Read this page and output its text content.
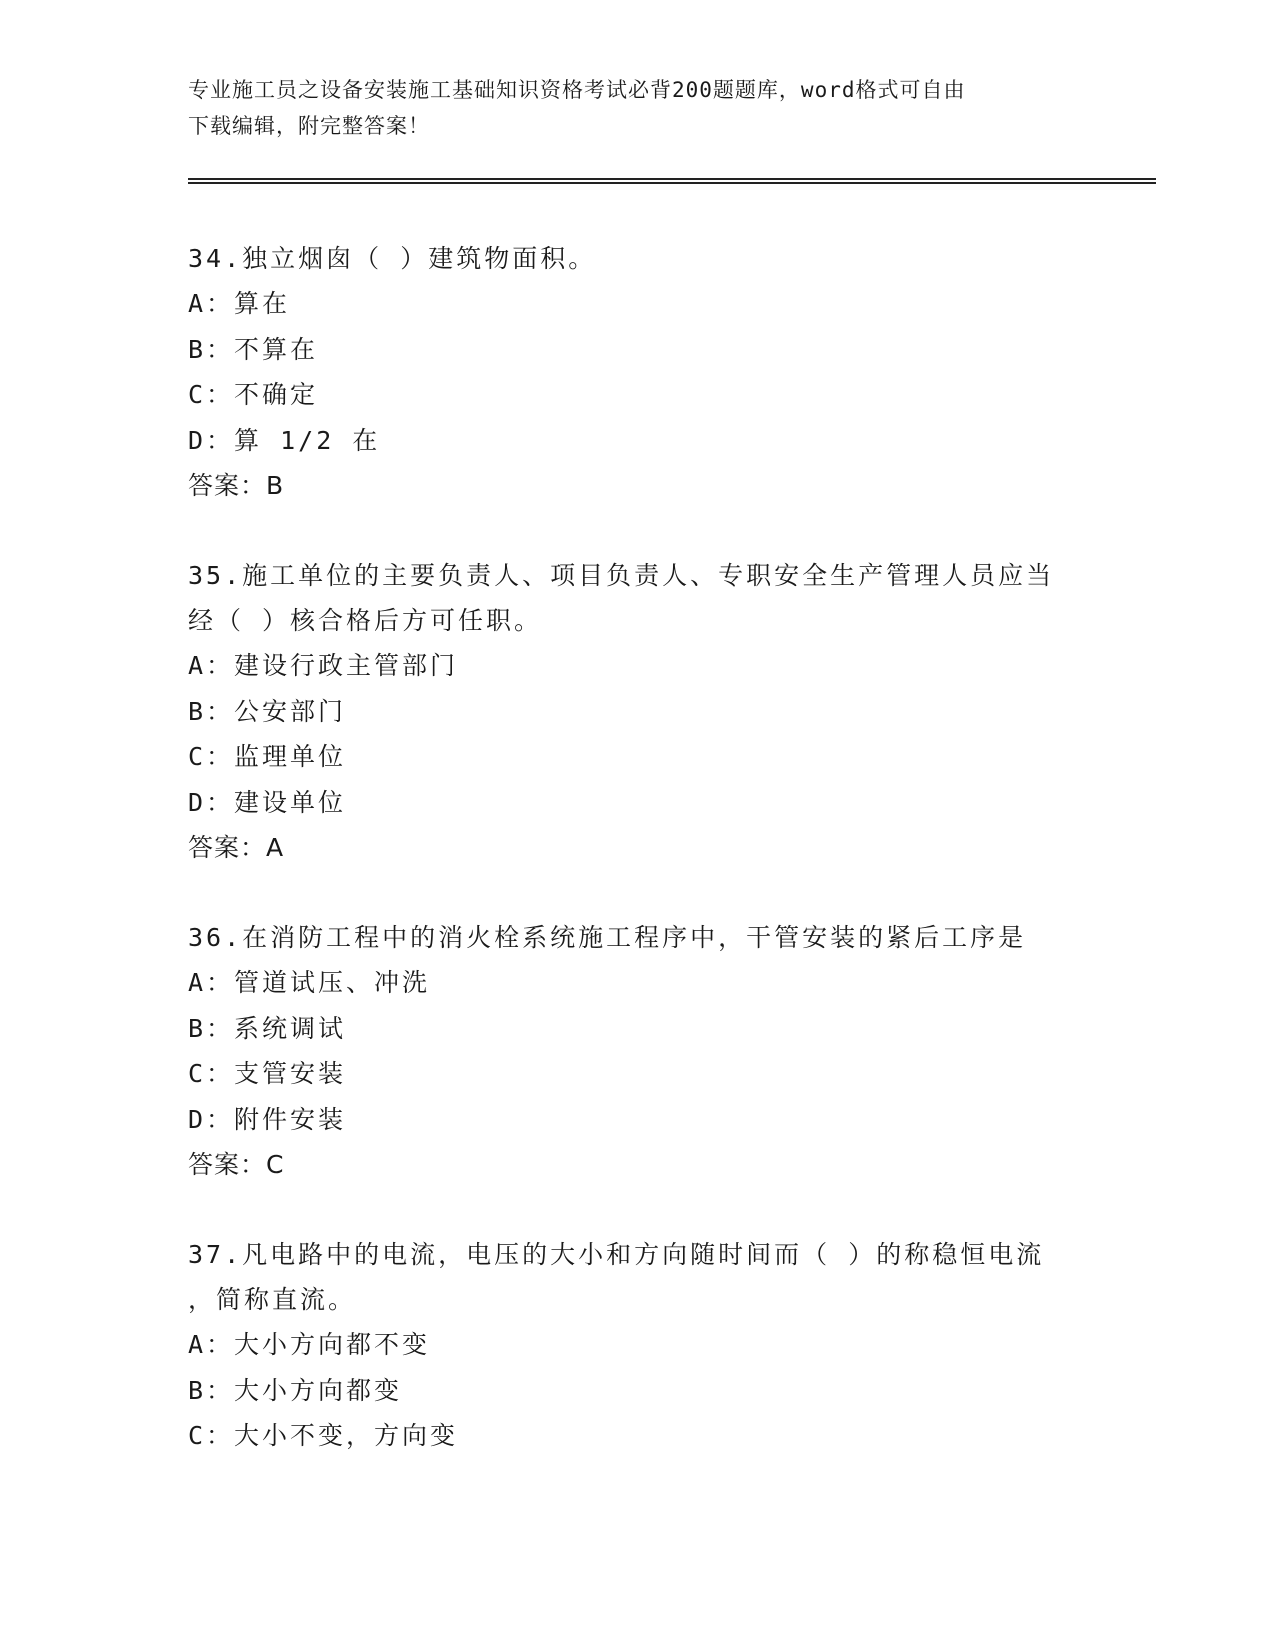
专业施工员之设备安装施工基础知识资格考试必背200题题库，word格式可自由
下载编辑，附完整答案！

34.独立烟囱（ ）建筑物面积。

A：算在

B：不算在

C：不确定

D：算 1/2 在

答案：B

35.施工单位的主要负责人、项目负责人、专职安全生产管理人员应当

经（ ）核合格后方可任职。

A：建设行政主管部门

B：公安部门

C：监理单位

D：建设单位

答案：A

36.在消防工程中的消火栓系统施工程序中，干管安装的紧后工序是

A：管道试压、冲洗

B：系统调试

C：支管安装

D：附件安装

答案：C

37.凡电路中的电流，电压的大小和方向随时间而（ ）的称稳恒电流

，简称直流。

A：大小方向都不变

B：大小方向都变

C：大小不变，方向变
